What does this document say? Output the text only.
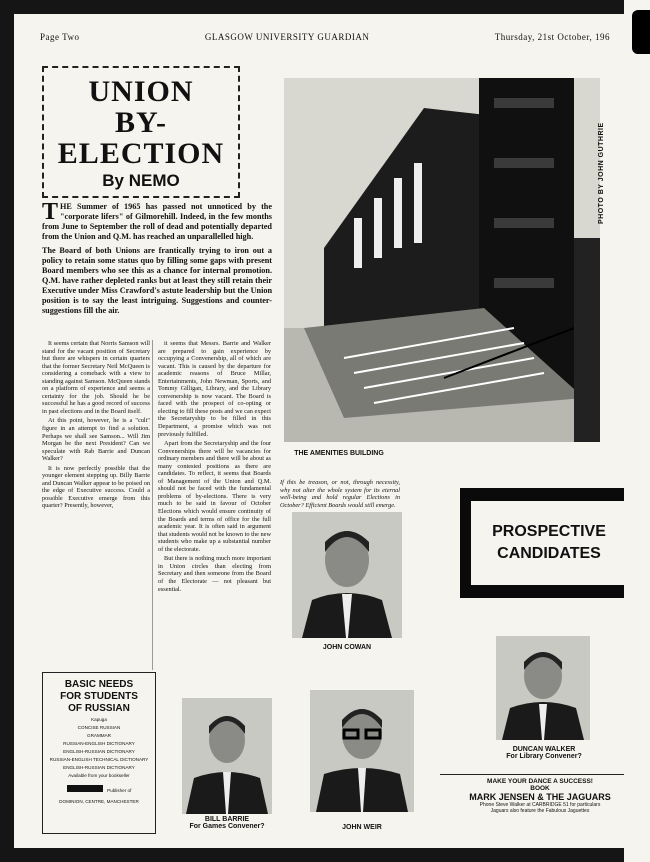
Page Two	GLASGOW UNIVERSITY GUARDIAN	Thursday, 21st October, 196
UNION
BY-
ELECTION
By NEMO

THE Summer of 1965 has passed not unnoticed by the "corporate lifers" of Gilmorehill. Indeed, in the few months from June to September the roll of dead and potentially departed from the Union and Q.M. has reached an unparallelled high.

The Board of both Unions are frantically trying to iron out a policy to retain some status quo by filling some gaps with present Board members who see this as a chance for internal promotion. Q.M. have rather depleted ranks but at least they still retain their Executive under Miss Crawford's astute leadership but the Union position is to say the least intriguing. Suggestions and counter-suggestions fill the air.

It seems certain that Norris Samson will stand for the vacant position of Secretary but there are whispers in certain quarters that the former Secretary Neil McQueen is considering a comeback with a view to standing against Samson. McQueen stands on a platform of experience and seems a certainty for the job. Should he be successful he has a good record of success in past elections and in the Board itself.

At this point, however, he is a "cult" figure in an attempt to find a solution. Perhaps we shall see Samson... Will Jim Morgan be the next President? Can we speculate with Rab Barrie and Duncan Walker?

It is now perfectly possible that the younger element stepping up. Billy Barrie and Duncan Walker appear to be poised on the edge of Executive success. Could a possible Executive emerge from this quarter? Presently, however,

it seems that Messrs. Barrie and Walker are prepared to gain experience by occupying a Convenership, all of which are vacant. This is caused by the departure for academic reasons of Bruce Millar, Entertainments, John Newman, Sports, and Tommy Gilligan, Library, and the Library convenership is now vacant. The Board is faced with the prospect of co-opting or electing to fill these posts and we can expect the Secretaryship to be filled in this Department, a promise which was not previously fulfilled.

Apart from the Secretaryship and the four Convenerships there will be vacancies for ordinary members and there will be about as many contested positions as there are candidates. To reflect, it seems that Boards of Management of the Union and Q.M. should not be faced with the fundamental problems of by-elections. There is very much to be said in favour of October Elections which would ensure continuity of the Boards and terms of office for the full academic year. It is often said in argument that students would not be known to the new students who make up a substantial number of the electorate.

But there is nothing much more important in Union circles than electing from Secretary and then someone from the Board of the Electorate — not pleasant but essential.

If this be treason, or not, through necessity, why not alter the whole system for its eternal well-being and hold regular Elections in October? Efficient Boards would still emerge.

PHOTO BY JOHN GUTHRIE
THE AMENITIES BUILDING
PROSPECTIVE
CANDIDATES
JOHN COWAN
DUNCAN WALKER
For Library Convener?
BILL BARRIE
For Games Convener?	JOHN WEIR
BASIC NEEDS
FOR STUDENTS
OF RUSSIAN
Kapuga
CONCISE RUSSIAN
GRAMMAR
RUSSIAN-ENGLISH DICTIONARY
ENGLISH-RUSSIAN DICTIONARY
RUSSIAN-ENGLISH TECHNICAL DICTIONARY
ENGLISH-RUSSIAN DICTIONARY
Available from your bookseller
Publisher of
DOMINION, CENTRE, MANCHESTER
MAKE YOUR DANCE A SUCCESS!
BOOK
MARK JENSEN & THE JAGUARS
Phone Steve Walker at CARBRIDGE 51 for particulars
Jaguars also feature the Fabulous Jaguettes
